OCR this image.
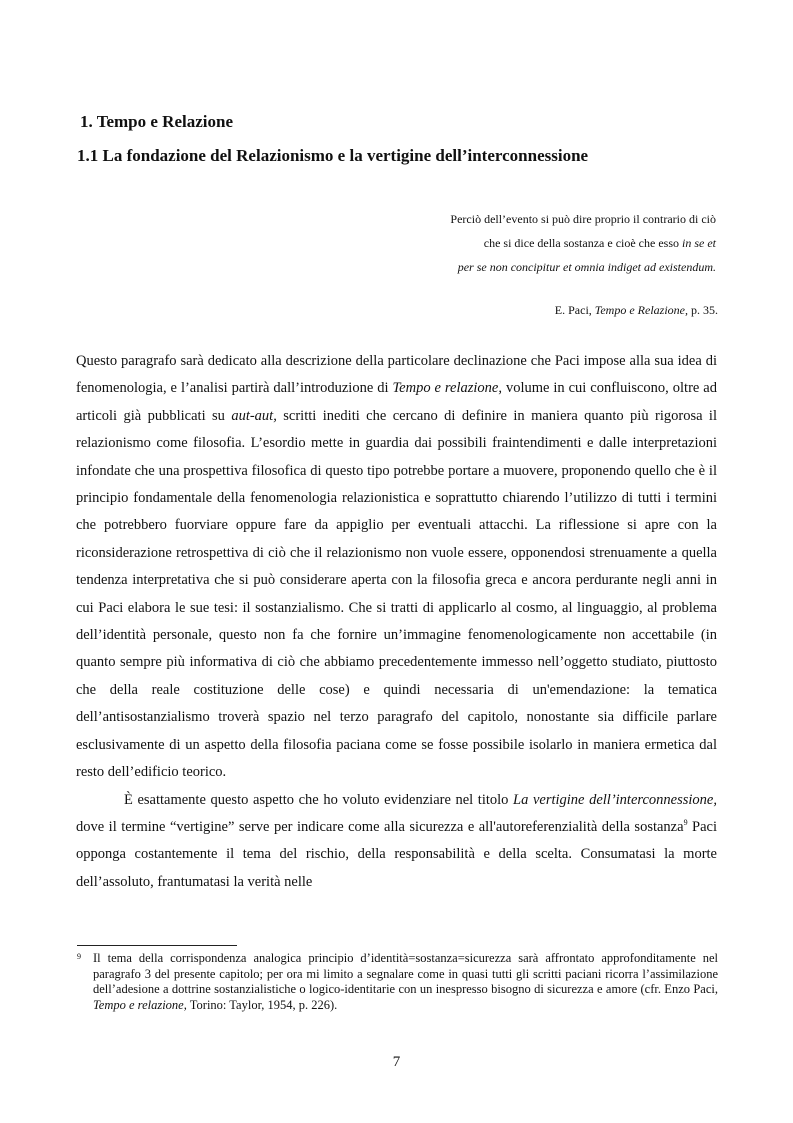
1. Tempo e Relazione
1.1 La fondazione del Relazionismo e la vertigine dell’interconnessione
Perciò dell’evento si può dire proprio il contrario di ciò
che si dice della sostanza e cioè che esso in se et
per se non concipitur et omnia indiget ad existendum.
E. Paci, Tempo e Relazione, p. 35.

Questo paragrafo sarà dedicato alla descrizione della particolare declinazione che Paci impose alla sua idea di fenomenologia, e l’analisi partirà dall’introduzione di Tempo e relazione, volume in cui confluiscono, oltre ad articoli già pubblicati su aut-aut, scritti inediti che cercano di definire in maniera quanto più rigorosa il relazionismo come filosofia. L’esordio mette in guardia dai possibili fraintendimenti e dalle interpretazioni infondate che una prospettiva filosofica di questo tipo potrebbe portare a muovere, proponendo quello che è il principio fondamentale della fenomenologia relazionistica e soprattutto chiarendo l’utilizzo di tutti i termini che potrebbero fuorviare oppure fare da appiglio per eventuali attacchi. La riflessione si apre con la riconsiderazione retrospettiva di ciò che il relazionismo non vuole essere, opponendosi strenuamente a quella tendenza interpretativa che si può considerare aperta con la filosofia greca e ancora perdurante negli anni in cui Paci elabora le sue tesi: il sostanzialismo. Che si tratti di applicarlo al cosmo, al linguaggio, al problema dell’identità personale, questo non fa che fornire un’immagine fenomenologicamente non accettabile (in quanto sempre più informativa di ciò che abbiamo precedentemente immesso nell’oggetto studiato, piuttosto che della reale costituzione delle cose) e quindi necessaria di un'emendazione: la tematica dell’antisostanzialismo troverà spazio nel terzo paragrafo del capitolo, nonostante sia difficile parlare esclusivamente di un aspetto della filosofia paciana come se fosse possibile isolarlo in maniera ermetica dal resto dell’edificio teorico.

È esattamente questo aspetto che ho voluto evidenziare nel titolo La vertigine dell’interconnessione, dove il termine “vertigine” serve per indicare come alla sicurezza e all'autoreferenzialità della sostanza$^9$ Paci opponga costantemente il tema del rischio, della responsabilità e della scelta. Consumatasi la morte dell’assoluto, frantumatasi la verità nelle

9 Il tema della corrispondenza analogica principio d’identità=sostanza=sicurezza sarà affrontato approfonditamente nel paragrafo 3 del presente capitolo; per ora mi limito a segnalare come in quasi tutti gli scritti paciani ricorra l’assimilazione dell’adesione a dottrine sostanzialistiche o logico-identitarie con un inespresso bisogno di sicurezza e amore (cfr. Enzo Paci, Tempo e relazione, Torino: Taylor, 1954, p. 226).
7
